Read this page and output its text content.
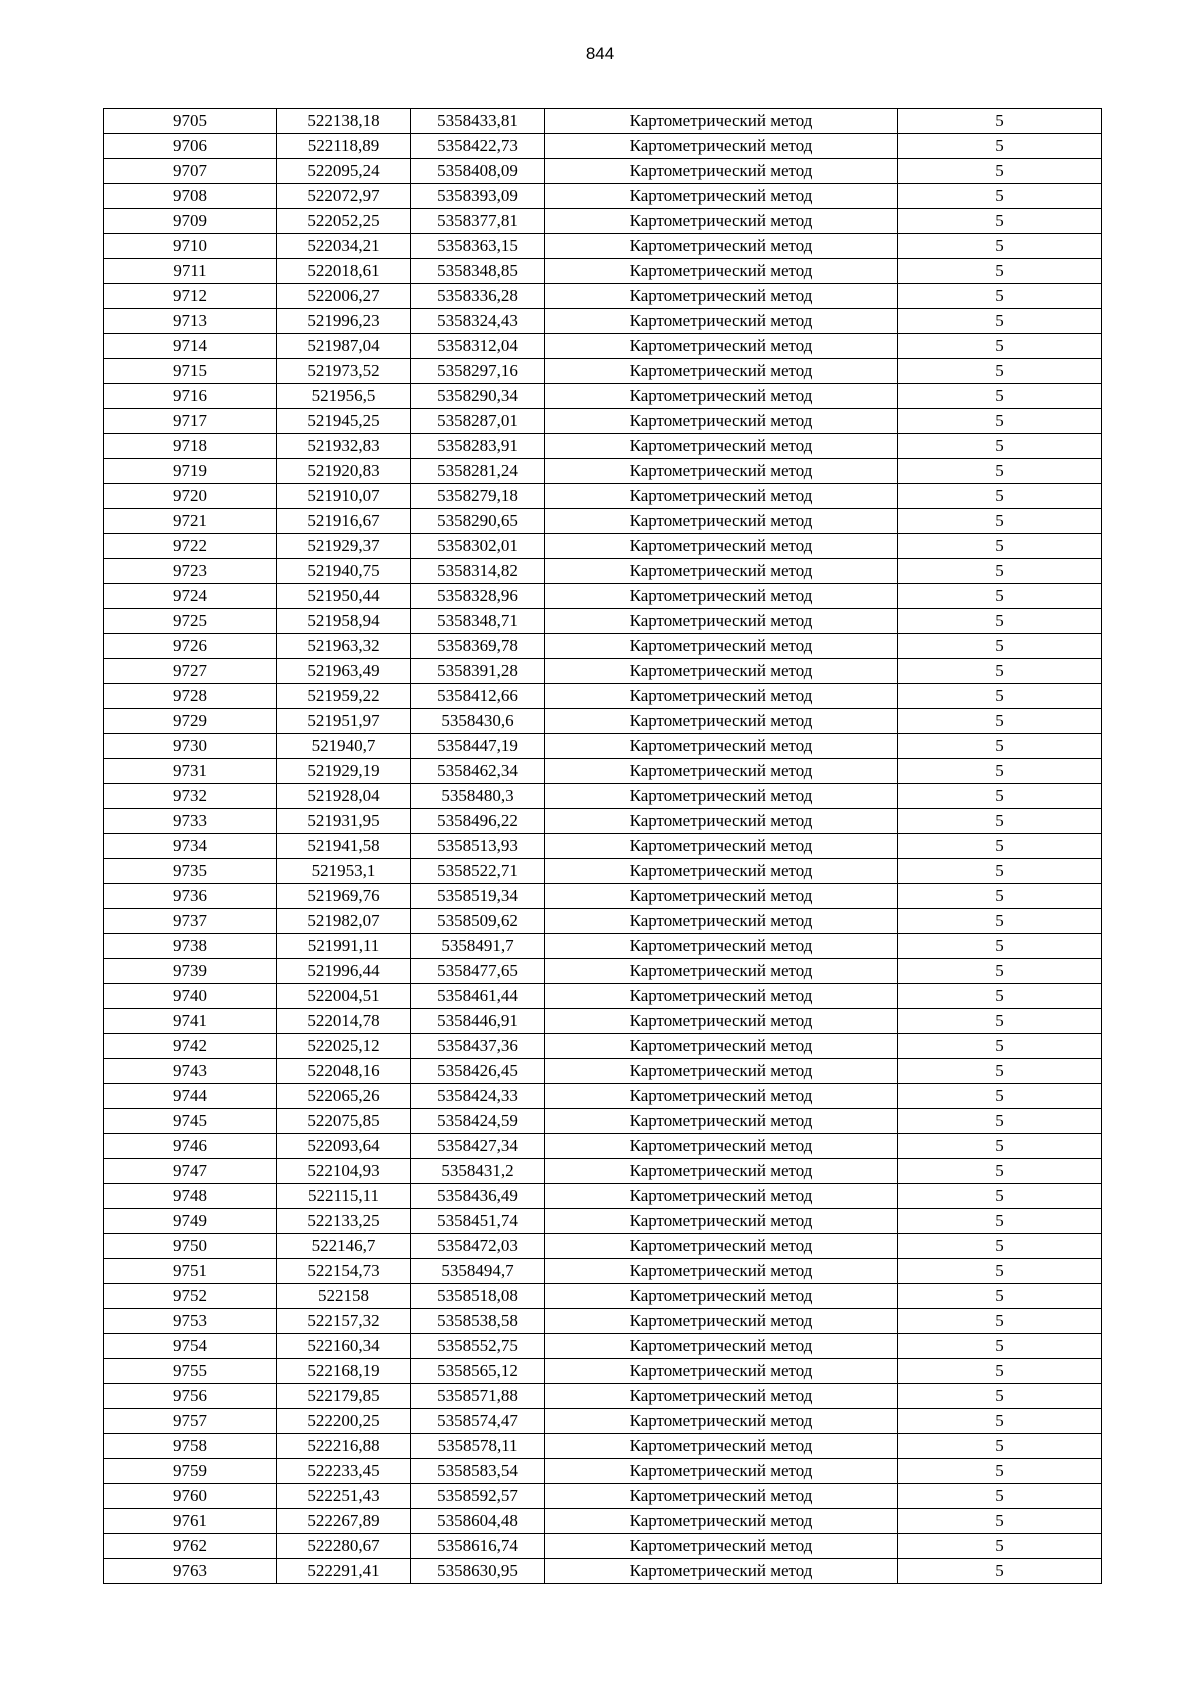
844
9705	522138,18	5358433,81	Картометрический метод	5
9706	522118,89	5358422,73	Картометрический метод	5
9707	522095,24	5358408,09	Картометрический метод	5
9708	522072,97	5358393,09	Картометрический метод	5
9709	522052,25	5358377,81	Картометрический метод	5
9710	522034,21	5358363,15	Картометрический метод	5
9711	522018,61	5358348,85	Картометрический метод	5
9712	522006,27	5358336,28	Картометрический метод	5
9713	521996,23	5358324,43	Картометрический метод	5
9714	521987,04	5358312,04	Картометрический метод	5
9715	521973,52	5358297,16	Картометрический метод	5
9716	521956,5	5358290,34	Картометрический метод	5
9717	521945,25	5358287,01	Картометрический метод	5
9718	521932,83	5358283,91	Картометрический метод	5
9719	521920,83	5358281,24	Картометрический метод	5
9720	521910,07	5358279,18	Картометрический метод	5
9721	521916,67	5358290,65	Картометрический метод	5
9722	521929,37	5358302,01	Картометрический метод	5
9723	521940,75	5358314,82	Картометрический метод	5
9724	521950,44	5358328,96	Картометрический метод	5
9725	521958,94	5358348,71	Картометрический метод	5
9726	521963,32	5358369,78	Картометрический метод	5
9727	521963,49	5358391,28	Картометрический метод	5
9728	521959,22	5358412,66	Картометрический метод	5
9729	521951,97	5358430,6	Картометрический метод	5
9730	521940,7	5358447,19	Картометрический метод	5
9731	521929,19	5358462,34	Картометрический метод	5
9732	521928,04	5358480,3	Картометрический метод	5
9733	521931,95	5358496,22	Картометрический метод	5
9734	521941,58	5358513,93	Картометрический метод	5
9735	521953,1	5358522,71	Картометрический метод	5
9736	521969,76	5358519,34	Картометрический метод	5
9737	521982,07	5358509,62	Картометрический метод	5
9738	521991,11	5358491,7	Картометрический метод	5
9739	521996,44	5358477,65	Картометрический метод	5
9740	522004,51	5358461,44	Картометрический метод	5
9741	522014,78	5358446,91	Картометрический метод	5
9742	522025,12	5358437,36	Картометрический метод	5
9743	522048,16	5358426,45	Картометрический метод	5
9744	522065,26	5358424,33	Картометрический метод	5
9745	522075,85	5358424,59	Картометрический метод	5
9746	522093,64	5358427,34	Картометрический метод	5
9747	522104,93	5358431,2	Картометрический метод	5
9748	522115,11	5358436,49	Картометрический метод	5
9749	522133,25	5358451,74	Картометрический метод	5
9750	522146,7	5358472,03	Картометрический метод	5
9751	522154,73	5358494,7	Картометрический метод	5
9752	522158	5358518,08	Картометрический метод	5
9753	522157,32	5358538,58	Картометрический метод	5
9754	522160,34	5358552,75	Картометрический метод	5
9755	522168,19	5358565,12	Картометрический метод	5
9756	522179,85	5358571,88	Картометрический метод	5
9757	522200,25	5358574,47	Картометрический метод	5
9758	522216,88	5358578,11	Картометрический метод	5
9759	522233,45	5358583,54	Картометрический метод	5
9760	522251,43	5358592,57	Картометрический метод	5
9761	522267,89	5358604,48	Картометрический метод	5
9762	522280,67	5358616,74	Картометрический метод	5
9763	522291,41	5358630,95	Картометрический метод	5
